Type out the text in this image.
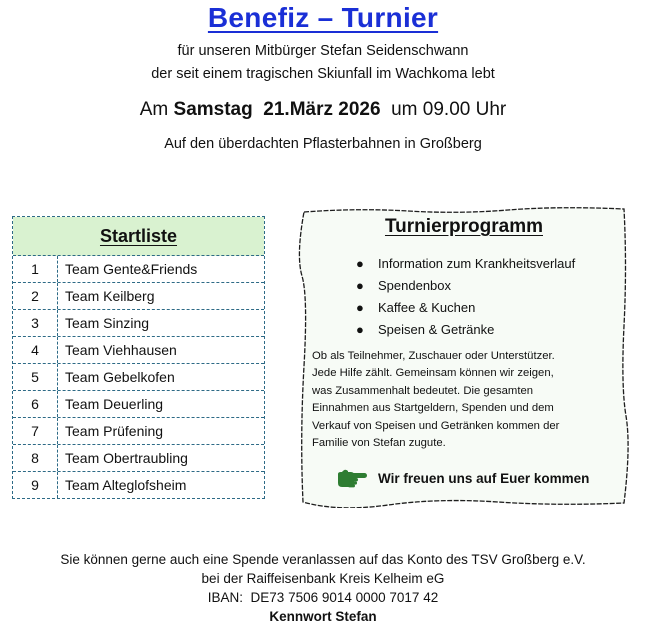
Benefiz – Turnier
für unseren Mitbürger Stefan Seidenschwann
der seit einem tragischen Skiunfall im Wachkoma lebt
Am Samstag 21.März 2026 um 09.00 Uhr
Auf den überdachten Pflasterbahnen in Großberg
Startliste
1	Team Gente&Friends
2	Team Keilberg
3	Team Sinzing
4	Team Viehhausen
5	Team Gebelkofen
6	Team Deuerling
7	Team Prüfening
8	Team Obertraubling
9	Team Alteglofsheim
Turnierprogramm
●	Information zum Krankheitsverlauf
●	Spendenbox
●	Kaffee & Kuchen
●	Speisen & Getränke
Ob als Teilnehmer, Zuschauer oder Unterstützer.
Jede Hilfe zählt. Gemeinsam können wir zeigen,
was Zusammenhalt bedeutet. Die gesamten
Einnahmen aus Startgeldern, Spenden und dem
Verkauf von Speisen und Getränken kommen der
Familie von Stefan zugute.
Wir freuen uns auf Euer kommen
Sie können gerne auch eine Spende veranlassen auf das Konto des TSV Großberg e.V.
bei der Raiffeisenbank Kreis Kelheim eG
IBAN:  DE73 7506 9014 0000 7017 42
Kennwort Stefan
